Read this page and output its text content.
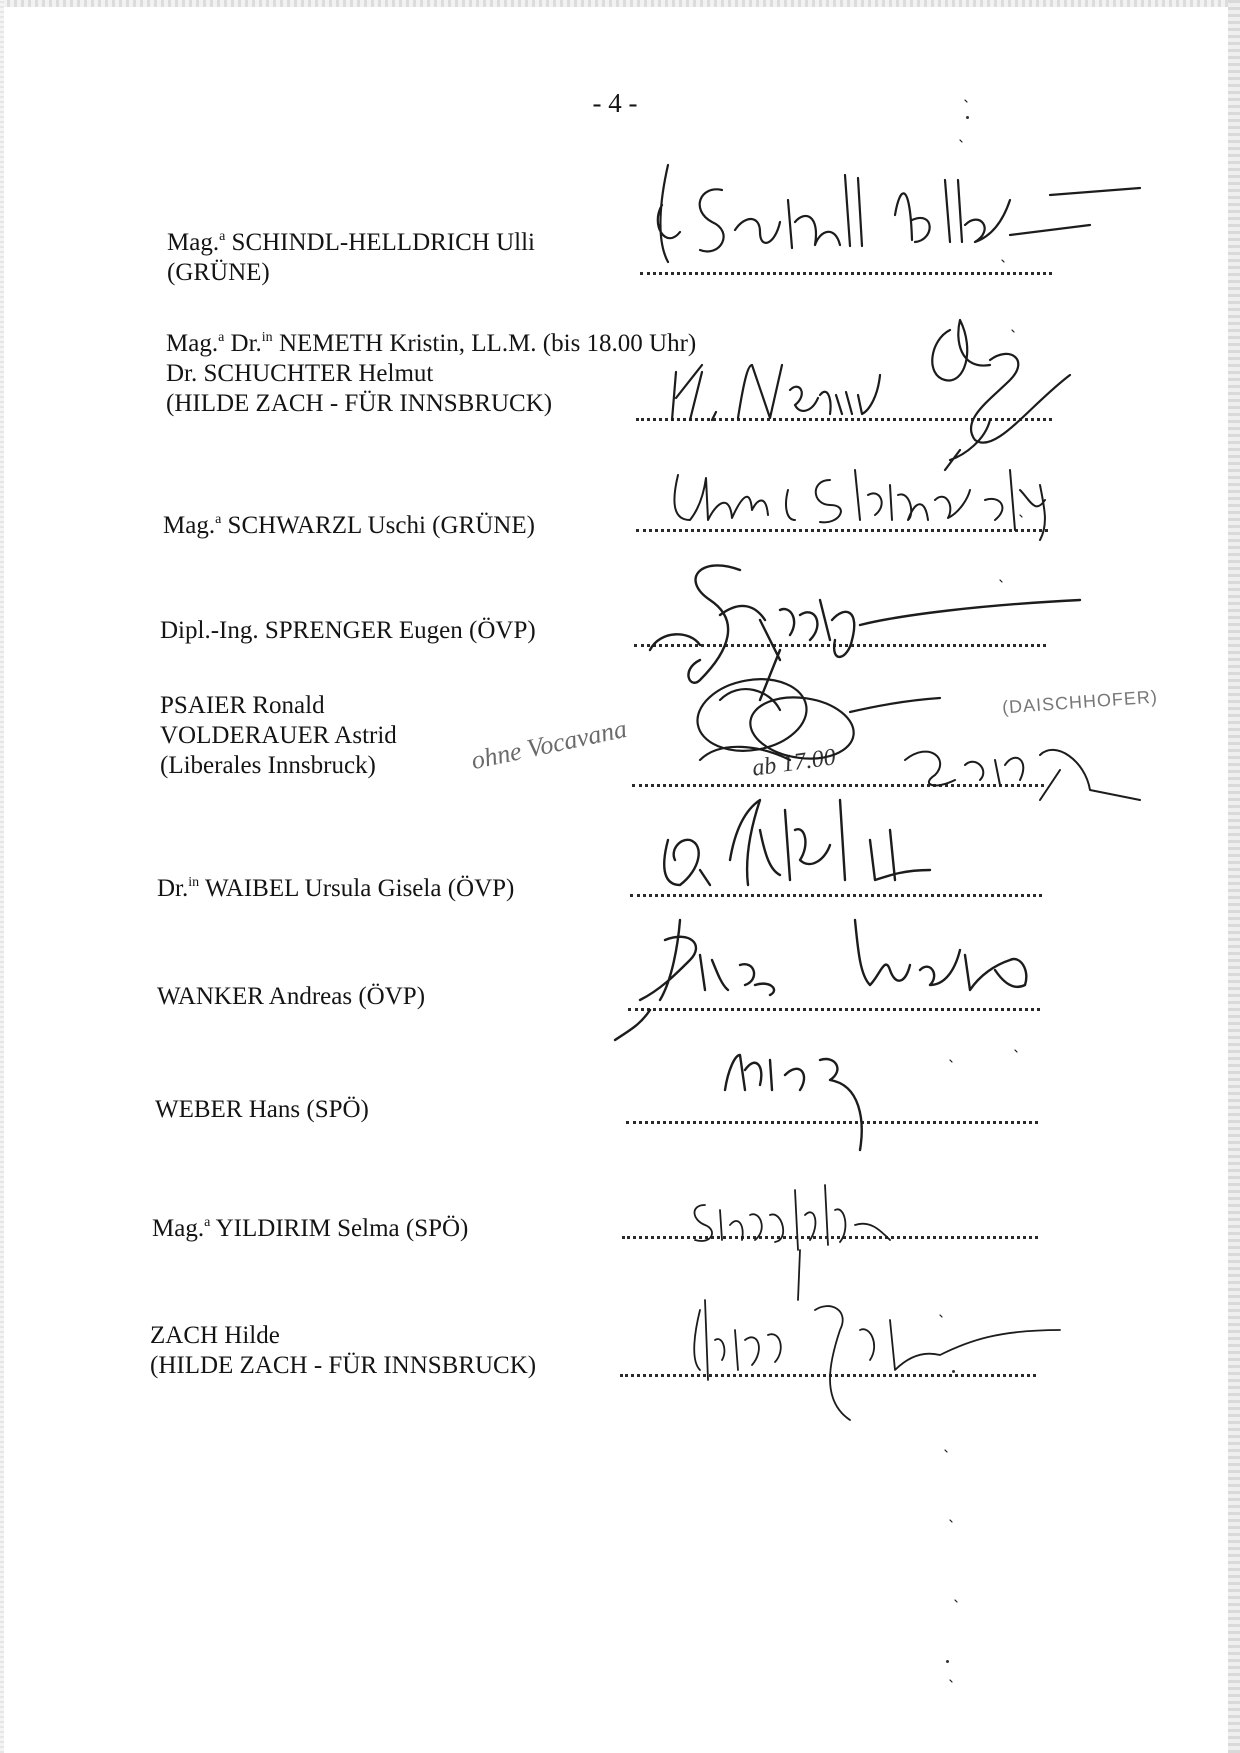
- 4 -
Mag.$^a$ SCHINDL-HELLDRICH Ulli
(GRÜNE)
Mag.$^a$ Dr.$^{in}$ NEMETH Kristin, LL.M. (bis 18.00 Uhr)
Dr. SCHUCHTER Helmut
(HILDE ZACH - FÜR INNSBRUCK)
Mag.$^a$ SCHWARZL Uschi (GRÜNE)
Dipl.-Ing. SPRENGER Eugen (ÖVP)
PSAIER Ronald
VOLDERAUER Astrid
(Liberales Innsbruck)
Dr.$^{in}$ WAIBEL Ursula Gisela (ÖVP)
WANKER Andreas (ÖVP)
WEBER Hans (SPÖ)
Mag.$^a$ YILDIRIM Selma (SPÖ)
ZACH Hilde
(HILDE ZACH - FÜR INNSBRUCK)
(DAISCHHOFER)
ohne Vocavana	ab 17.00
